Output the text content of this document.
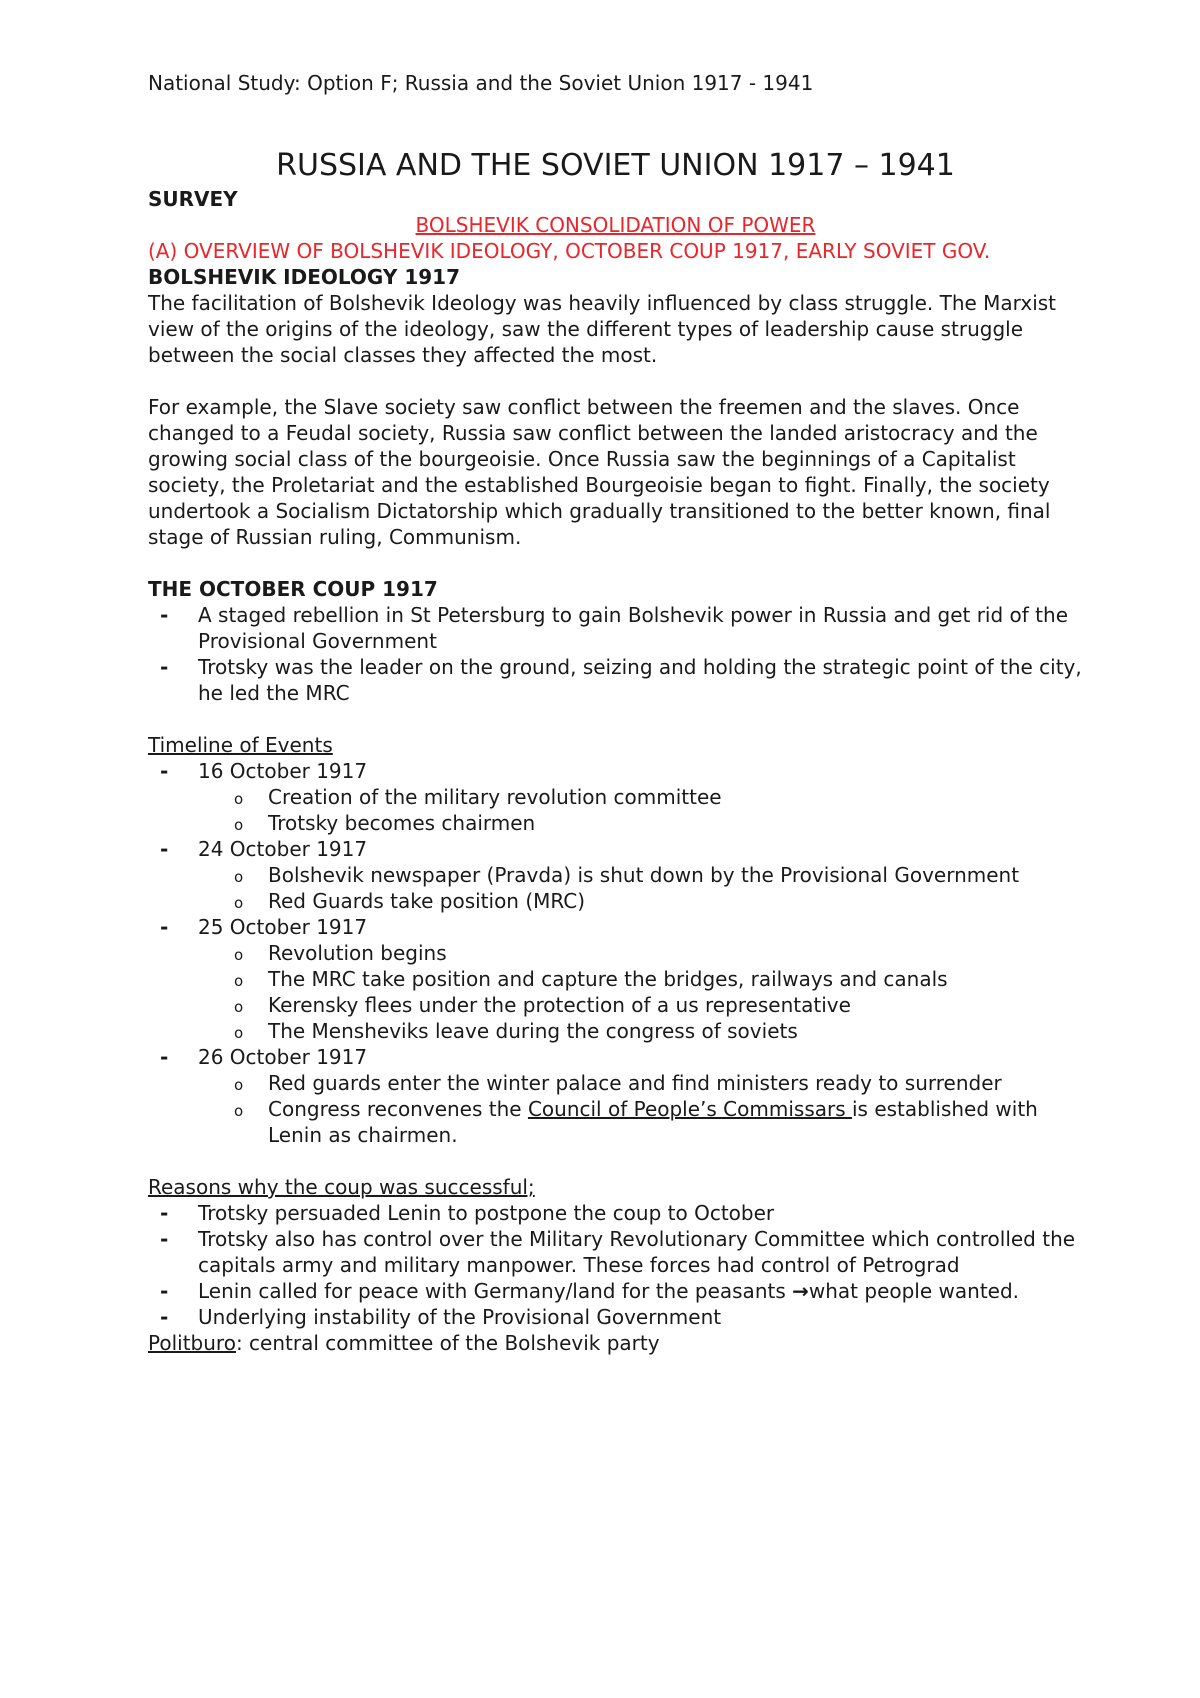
National Study: Option F; Russia and the Soviet Union 1917 - 1941
RUSSIA AND THE SOVIET UNION 1917 – 1941

SURVEY

BOLSHEVIK CONSOLIDATION OF POWER

(A) OVERVIEW OF BOLSHEVIK IDEOLOGY, OCTOBER COUP 1917, EARLY SOVIET GOV.

BOLSHEVIK IDEOLOGY 1917

The facilitation of Bolshevik Ideology was heavily influenced by class struggle. The Marxist view of the origins of the ideology, saw the different types of leadership cause struggle between the social classes they affected the most.

For example, the Slave society saw conflict between the freemen and the slaves. Once changed to a Feudal society, Russia saw conflict between the landed aristocracy and the growing social class of the bourgeoisie. Once Russia saw the beginnings of a Capitalist society, the Proletariat and the established Bourgeoisie began to fight. Finally, the society undertook a Socialism Dictatorship which gradually transitioned to the better known, final stage of Russian ruling, Communism.

THE OCTOBER COUP 1917

- A staged rebellion in St Petersburg to gain Bolshevik power in Russia and get rid of the Provisional Government
- Trotsky was the leader on the ground, seizing and holding the strategic point of the city, he led the MRC

Timeline of Events

- 16 October 1917
o Creation of the military revolution committee
o Trotsky becomes chairmen
- 24 October 1917
o Bolshevik newspaper (Pravda) is shut down by the Provisional Government
o Red Guards take position (MRC)
- 25 October 1917
o Revolution begins
o The MRC take position and capture the bridges, railways and canals
o Kerensky flees under the protection of a us representative
o The Mensheviks leave during the congress of soviets
- 26 October 1917
o Red guards enter the winter palace and find ministers ready to surrender
o Congress reconvenes the Council of People’s Commissars is established with Lenin as chairmen.

Reasons why the coup was successful;

- Trotsky persuaded Lenin to postpone the coup to October
- Trotsky also has control over the Military Revolutionary Committee which controlled the capitals army and military manpower. These forces had control of Petrograd
- Lenin called for peace with Germany/land for the peasants →what people wanted.
- Underlying instability of the Provisional Government

Politburo: central committee of the Bolshevik party
